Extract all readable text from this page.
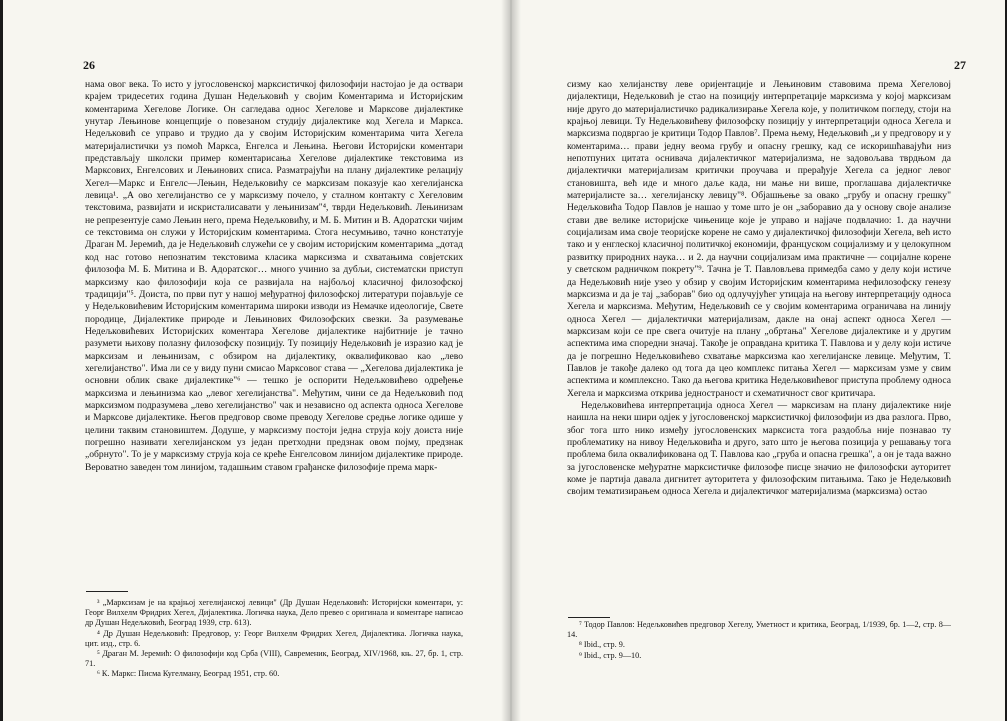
26

нама овог века. То исто у југословенској марксистичкој филозофији настојао је да оствари крајем тридесетих година Душан Недељковић у својим Коментарима и Историјским коментарима Хегелове Логике. Он сагледава однос Хегелове и Марксове дијалектике унутар Лењинове концепције о повезаном студију дијалектике код Хегела и Маркса. Недељковић се управо и трудио да у својим Историјским коментарима чита Хегела материјалистички уз помоћ Маркса, Енгелса и Лењина. Његови Историјски коментари представљају школски пример коментарисања Хегелове дијалектике текстовима из Марксових, Енгелсових и Лењинових списа. Разматрајући на плану дијалектике релацију Хегел—Маркс и Енгелс—Лењин, Недељковићу се марксизам показује као хегелијанска левица¹. „А ово хегелијанство се у марксизму почело, у сталном контакту с Хегеловим текстовима, развијати и искристалисавати у лењинизам"⁴, тврди Недељковић. Лењинизам не репрезентује само Лењин него, према Недељковићу, и М. Б. Митин и В. Адоратски чијим се текстовима он служи у Историјским коментарима. Стога несумњиво, тачно констатује Драган М. Јеремић, да је Недељковић служећи се у својим историјским коментарима „дотад код нас готово непознатим текстовима класика марксизма и схватањима совјетских филозофа М. Б. Митина и В. Адоратског… много учинио за дубљи, систематски приступ марксизму као филозофији која се развијала на најбољој класичној филозофској традицији"⁵. Доиста, по први пут у нашој међуратној филозофској литератури појављује се у Недељковићевим Историјским коментарима широки изводи из Немачке идеологије, Свете породице, Дијалектике природе и Лењинових Филозофских свезки. За разумевање Недељковићевих Историјских коментара Хегелове дијалектике најбитније је тачно разумети њихову полазну филозофску позицију. Ту позицију Недељковић је изразио кад је марксизам и лењинизам, с обзиром на дијалектику, оквалификовао као „лево хегелијанство". Има ли се у виду пуни смисао Марксовог става — „Хегелова дијалектика је основни облик сваке дијалектике"⁶ — тешко је оспорити Недељковићево одређење марксизма и лењинизма као „левог хегелијанства". Међутим, чини се да Недељковић под марксизмом подразумева „лево хегелијанство" чак и независно од аспекта односа Хегелове и Марксове дијалектике. Његов предговор своме преводу Хегелове средње логике одише у целини таквим становиштем. Додуше, у марксизму постоји једна струја коју доиста није погрешно називати хегелијанском уз један претходни предзнак овом појму, предзнак „обрнуто". То је у марксизму струја која се креће Енгелсовом линијом дијалектике природе. Вероватно заведен том линијом, тадашњим ставом грађанске филозофије према марк-

³ „Марксизам је на крајњој хегелијанској левици" (Др Душан Недељковић: Историјски коментари, у: Георг Вилхелм Фридрих Хегел, Дијалектика. Логичка наука, Дело превео с оригинала и коментаре написао др Душан Недељковић, Београд 1939, стр. 613).

⁴ Др Душан Недељковић: Предговор, у: Георг Вилхелм Фридрих Хегел, Дијалектика. Логичка наука, цит. изд., стр. 6.

⁵ Драган М. Јеремић: О филозофији код Срба (VIII), Савременик, Београд, XIV/1968, књ. 27, бр. 1, стр. 71.

⁶ К. Маркс: Писма Кугелману, Београд 1951, стр. 60.

27

сизму као хелијанству леве оријентације и Лењиновим ставовима према Хегеловој дијалектици, Недељковић је стао на позицију интерпретације марксизма у којој марксизам није друго до материјалистичко радикализирање Хегела које, у политичком погледу, стоји на крајњој левици. Ту Недељковићеву филозофску позицију у интерпретацији односа Хегела и марксизма подвргао је критици Тодор Павлов⁷. Према њему, Недељковић „и у предговору и у коментарима… прави једну веома грубу и опасну грешку, кад се искоришћавајући низ непотпуних цитата оснивача дијалектичког материјализма, не задовољава тврдњом да дијалектички материјализам критички проучава и прерађује Хегела са једног левог становишта, већ иде и много даље када, ни мање ни више, проглашава дијалектичке материјалисте за… хегелијанску левицу"⁸. Објашњење за овако „грубу и опасну грешку" Недељковића Тодор Павлов је нашао у томе што је он „заборавио да у основу своје анализе стави две велике историјске чињенице које је управо и најјаче подвлачио: 1. да научни социјализам има своје теоријске корене не само у дијалектичкој филозофији Хегела, већ исто тако и у енглеској класичној политичкој економији, француском социјализму и у целокупном развитку природних наука… и 2. да научни социјализам има практичне — социјалне корене у светском радничком покрету"⁹. Тачна је Т. Павловљева примедба само у делу који истиче да Недељковић није узео у обзир у својим Историјским коментарима нефилозофску генезу марксизма и да је тај „заборав" био од одлучујућег утицаја на његову интерпретацију односа Хегела и марксизма. Међутим, Недељковић се у својим коментарима ограничава на линију односа Хегел — дијалектички материјализам, дакле на онај аспект односа Хегел — марксизам који се пре свега очитује на плану „обртања" Хегелове дијалектике и у другим аспектима има споредни значај. Такође је оправдана критика Т. Павлова и у делу који истиче да је погрешно Недељковићево схватање марксизма као хегелијанске левице. Међутим, Т. Павлов је такође далеко од тога да цео комплекс питања Хегел — марксизам узме у свим аспектима и комплексно. Тако да његова критика Недељковићевог приступа проблему односа Хегела и марксизма открива једностраност и схематичност свог критичара.

Недељковићева интерпретација односа Хегел — марксизам на плану дијалектике није наишла на неки шири одјек у југословенској марксистичкој филозофији из два разлога. Прво, због тога што нико између југословенских марксиста тога раздобља није познавао ту проблематику на нивоу Недељковића и друго, зато што је његова позиција у решавању тога проблема била оквалификована од Т. Павлова као „груба и опасна грешка", а он је тада важно за југословенске међуратне марксистичке филозофе писце значио не филозофски ауторитет коме је партија давала дигнитет ауторитета у филозофским питањима. Тако је Недељковић својим тематизирањем односа Хегела и дијалектичког материјализма (марксизма) остао

⁷ Тодор Павлов: Недељковићев предговор Хегелу, Уметност и критика, Београд, 1/1939, бр. 1—2, стр. 8—14.

⁸ Ibid., стр. 9.

⁹ Ibid., стр. 9—10.
